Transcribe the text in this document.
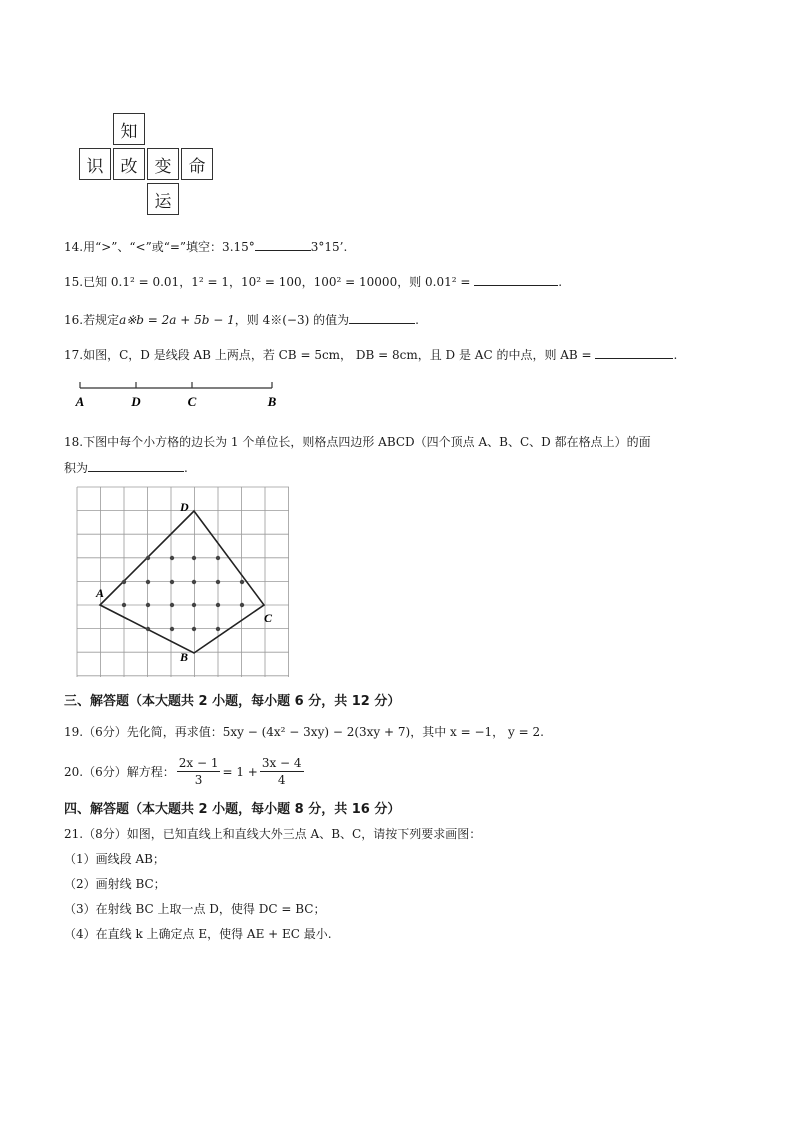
知
识	改	变	命
运
14.用“>”、“<”或“=”填空：3.15°	3°15’.
15.已知 0.1² = 0.01，1² = 1，10² = 100，100² = 10000，则 0.01² =	.
16.若规定a※b = 2a + 5b − 1，则 4※(−3) 的值为	.
17.如图，C，D 是线段 AB 上两点，若 CB = 5cm， DB = 8cm，且 D 是 AC 的中点，则 AB =	.
A	D	C	B
18.下图中每个小方格的边长为 1 个单位长，则格点四边形 ABCD（四个顶点 A、B、C、D 都在格点上）的面
积为	.
A
B
C
D
三、解答题（本大题共 2 小题，每小题 6 分，共 12 分）
19.（6分）先化简，再求值：5xy − (4x² − 3xy) − 2(3xy + 7)，其中 x = −1， y = 2.
20.（6分）解方程： $\frac{2x - 1}{3} = 1 + \frac{3x - 4}{4}$
四、解答题（本大题共 2 小题，每小题 8 分，共 16 分）
21.（8分）如图，已知直线上和直线大外三点 A、B、C，请按下列要求画图：
（1）画线段 AB；
（2）画射线 BC；
（3）在射线 BC 上取一点 D，使得 DC = BC；
（4）在直线 k 上确定点 E，使得 AE + EC 最小.
